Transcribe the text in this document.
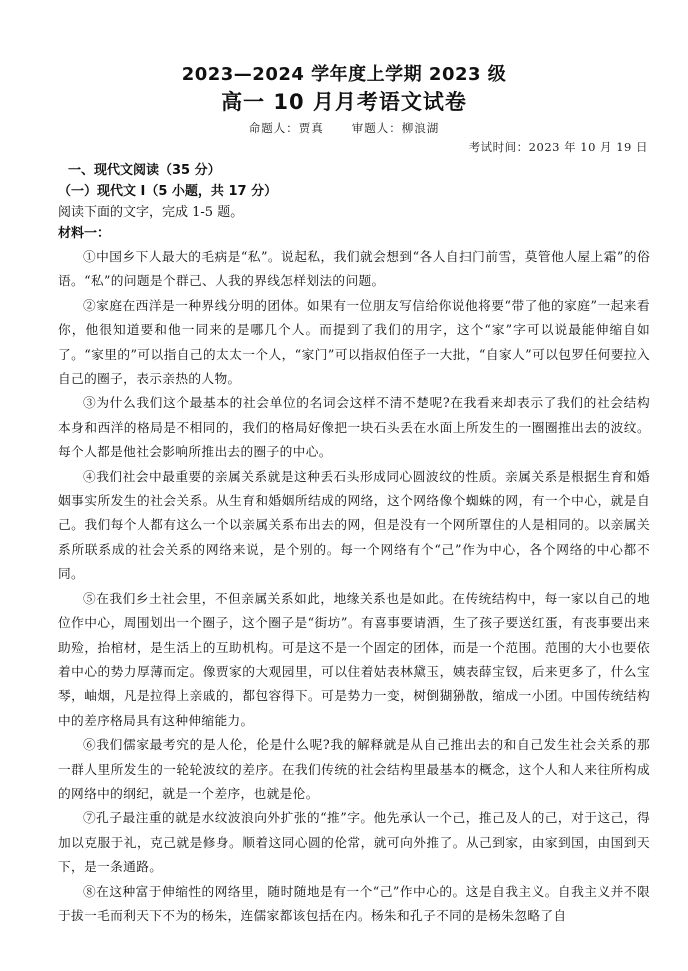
2023—2024 学年度上学期 2023 级
高一 10 月月考语文试卷
命题人：贾真 审题人：柳浪湖
考试时间：2023 年 10 月 19 日
一、现代文阅读（35 分）
（一）现代文 I（5 小题，共 17 分）
阅读下面的文字，完成 1-5 题。
材料一：

①中国乡下人最大的毛病是“私”。说起私，我们就会想到“各人自扫门前雪，莫管他人屋上霜”的俗语。“私”的问题是个群己、人我的界线怎样划法的问题。

②家庭在西洋是一种界线分明的团体。如果有一位朋友写信给你说他将要“带了他的家庭”一起来看你，他很知道要和他一同来的是哪几个人。而提到了我们的用字，这个“家”字可以说最能伸缩自如了。“家里的”可以指自己的太太一个人，“家门”可以指叔伯侄子一大批，“自家人”可以包罗任何要拉入自己的圈子，表示亲热的人物。

③为什么我们这个最基本的社会单位的名词会这样不清不楚呢?在我看来却表示了我们的社会结构本身和西洋的格局是不相同的，我们的格局好像把一块石头丢在水面上所发生的一圈圈推出去的波纹。每个人都是他社会影响所推出去的圈子的中心。

④我们社会中最重要的亲属关系就是这种丢石头形成同心圆波纹的性质。亲属关系是根据生育和婚姻事实所发生的社会关系。从生育和婚姻所结成的网络，这个网络像个蜘蛛的网，有一个中心，就是自己。我们每个人都有这么一个以亲属关系布出去的网，但是没有一个网所罩住的人是相同的。以亲属关系所联系成的社会关系的网络来说，是个别的。每一个网络有个“己”作为中心，各个网络的中心都不同。

⑤在我们乡土社会里，不但亲属关系如此，地缘关系也是如此。在传统结构中，每一家以自己的地位作中心，周围划出一个圈子，这个圈子是“街坊”。有喜事要请酒，生了孩子要送红蛋，有丧事要出来助殓，抬棺材，是生活上的互助机构。可是这不是一个固定的团体，而是一个范围。范围的大小也要依着中心的势力厚薄而定。像贾家的大观园里，可以住着姑表林黛玉，姨表薛宝钗，后来更多了，什么宝琴，岫烟，凡是拉得上亲戚的，都包容得下。可是势力一变，树倒猢狲散，缩成一小团。中国传统结构中的差序格局具有这种伸缩能力。

⑥我们儒家最考究的是人伦，伦是什么呢?我的解释就是从自己推出去的和自己发生社会关系的那一群人里所发生的一轮轮波纹的差序。在我们传统的社会结构里最基本的概念，这个人和人来往所构成的网络中的纲纪，就是一个差序，也就是伦。

⑦孔子最注重的就是水纹波浪向外扩张的“推”字。他先承认一个己，推己及人的己，对于这己，得加以克服于礼，克己就是修身。顺着这同心圆的伦常，就可向外推了。从己到家，由家到国，由国到天下，是一条通路。

⑧在这种富于伸缩性的网络里，随时随地是有一个“己”作中心的。这是自我主义。自我主义并不限于拔一毛而利天下不为的杨朱，连儒家都该包括在内。杨朱和孔子不同的是杨朱忽略了自
